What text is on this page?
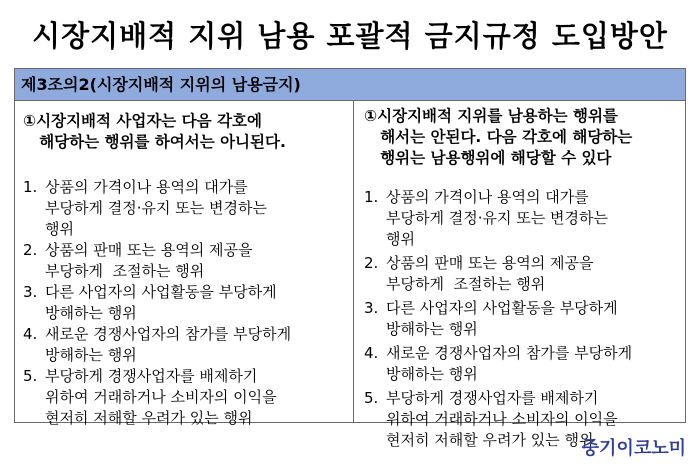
시장지배적 지위 남용 포괄적 금지규정 도입방안
제3조의2(시장지배적 지위의 남용금지)
①시장지배적 사업자는 다음 각호에
해당하는 행위를 하여서는 아니된다.
1. 상품의 가격이나 용역의 대가를
부당하게 결정·유지 또는 변경하는
행위
2. 상품의 판매 또는 용역의 제공을
부당하게  조절하는 행위
3. 다른 사업자의 사업활동을 부당하게
방해하는 행위
4. 새로운 경쟁사업자의 참가를 부당하게
방해하는 행위
5. 부당하게 경쟁사업자를 배제하기
위하여 거래하거나 소비자의 이익을
현저히 저해할 우려가 있는 행위
①시장지배적 지위를 남용하는 행위를
해서는 안된다. 다음 각호에 해당하는
행위는 남용행위에 해당할 수 있다
1. 상품의 가격이나 용역의 대가를
부당하게 결정·유지 또는 변경하는
행위
2. 상품의 판매 또는 용역의 제공을
부당하게  조절하는 행위
3. 다른 사업자의 사업활동을 부당하게
방해하는 행위
4. 새로운 경쟁사업자의 참가를 부당하게
방해하는 행위
5. 부당하게 경쟁사업자를 배제하기
위하여 거래하거나 소비자의 이익을
현저히 저해할 우려가 있는 행위
중기이코노미
